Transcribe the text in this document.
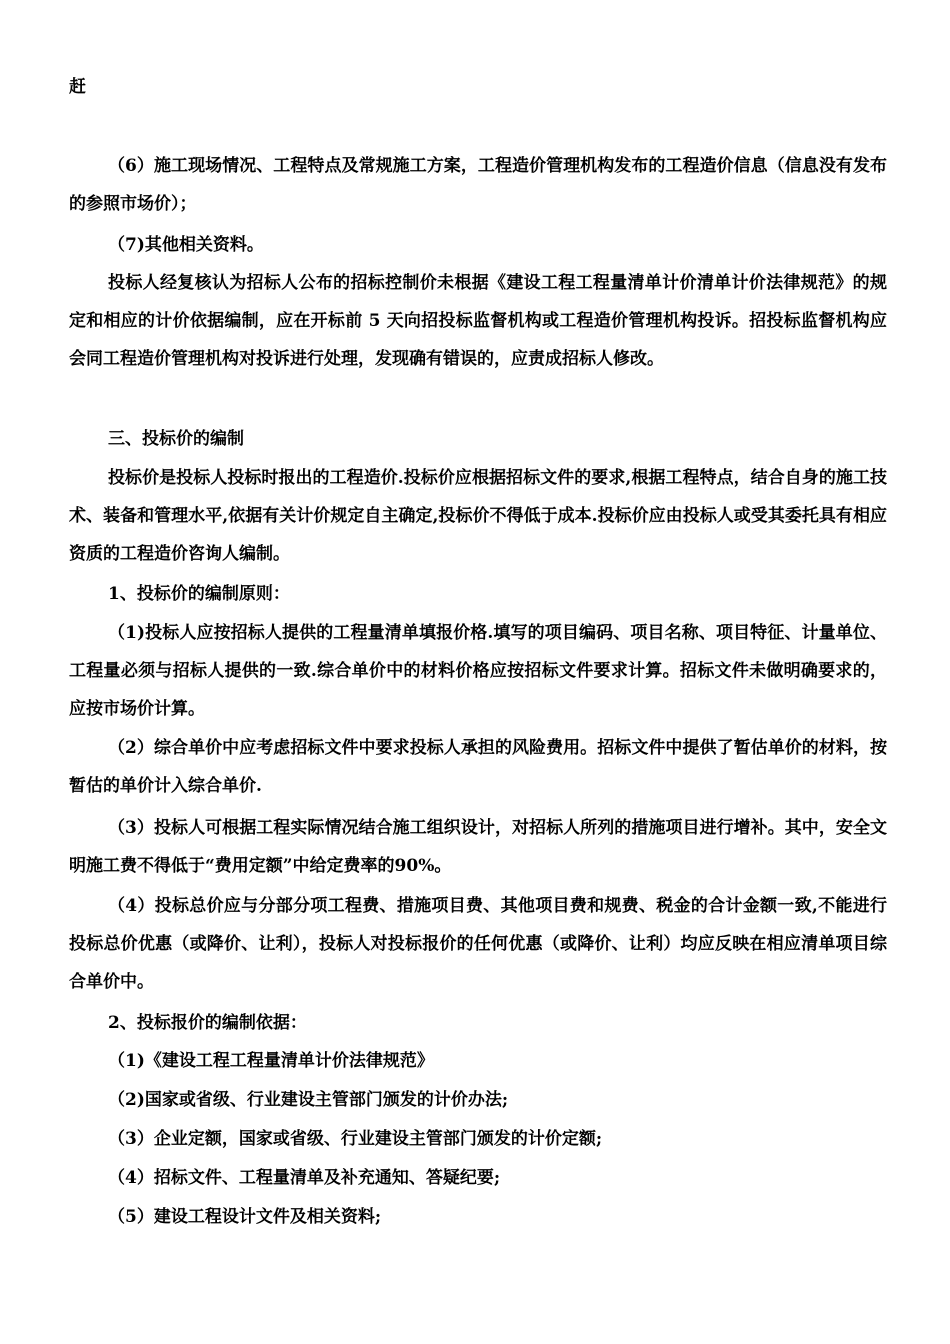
赶

（6）施工现场情况、工程特点及常规施工方案，工程造价管理机构发布的工程造价信息（信息没有发布的参照市场价）；

（7)其他相关资料。

投标人经复核认为招标人公布的招标控制价未根据《建设工程工程量清单计价清单计价法律规范》的规定和相应的计价依据编制，应在开标前 5 天向招投标监督机构或工程造价管理机构投诉。招投标监督机构应会同工程造价管理机构对投诉进行处理，发现确有错误的，应责成招标人修改。

三、投标价的编制

投标价是投标人投标时报出的工程造价.投标价应根据招标文件的要求,根据工程特点，结合自身的施工技术、装备和管理水平,依据有关计价规定自主确定,投标价不得低于成本.投标价应由投标人或受其委托具有相应资质的工程造价咨询人编制。

1、投标价的编制原则：

（1)投标人应按招标人提供的工程量清单填报价格.填写的项目编码、项目名称、项目特征、计量单位、工程量必须与招标人提供的一致.综合单价中的材料价格应按招标文件要求计算。招标文件未做明确要求的，应按市场价计算。

（2）综合单价中应考虑招标文件中要求投标人承担的风险费用。招标文件中提供了暂估单价的材料，按暂估的单价计入综合单价.

（3）投标人可根据工程实际情况结合施工组织设计，对招标人所列的措施项目进行增补。其中，安全文明施工费不得低于“费用定额”中给定费率的90%。

（4）投标总价应与分部分项工程费、措施项目费、其他项目费和规费、税金的合计金额一致,不能进行投标总价优惠（或降价、让利），投标人对投标报价的任何优惠（或降价、让利）均应反映在相应清单项目综合单价中。

2、投标报价的编制依据：

（1)《建设工程工程量清单计价法律规范》

（2)国家或省级、行业建设主管部门颁发的计价办法;

（3）企业定额，国家或省级、行业建设主管部门颁发的计价定额;

（4）招标文件、工程量清单及补充通知、答疑纪要;

（5）建设工程设计文件及相关资料;
